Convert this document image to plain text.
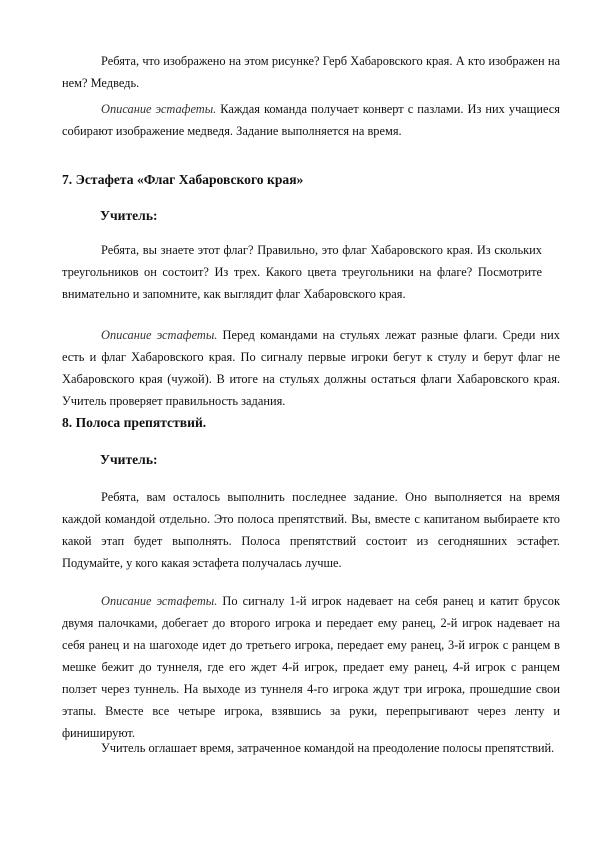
Ребята, что изображено на этом рисунке? Герб Хабаровского края. А кто изображен на нем? Медведь.

Описание эстафеты. Каждая команда получает конверт с пазлами. Из них учащиеся собирают изображение медведя. Задание выполняется на время.

7. Эстафета «Флаг Хабаровского края»

Учитель:

Ребята, вы знаете этот флаг? Правильно, это флаг Хабаровского края. Из скольких треугольников он состоит? Из трех. Какого цвета треугольники на флаге? Посмотрите внимательно и запомните, как выглядит флаг Хабаровского края.

Описание эстафеты. Перед командами на стульях лежат разные флаги. Среди них есть и флаг Хабаровского края. По сигналу первые игроки бегут к стулу и берут флаг не Хабаровского края (чужой). В итоге на стульях должны остаться флаги Хабаровского края. Учитель проверяет правильность задания.

8. Полоса препятствий.

Учитель:

Ребята, вам осталось выполнить последнее задание. Оно выполняется на время каждой командой отдельно. Это полоса препятствий. Вы, вместе с капитаном выбираете кто какой этап будет выполнять. Полоса препятствий состоит из сегодняшних эстафет. Подумайте, у кого какая эстафета получалась лучше.

Описание эстафеты. По сигналу 1-й игрок надевает на себя ранец и катит брусок двумя палочками, добегает до второго игрока и передает ему ранец, 2-й игрок надевает на себя ранец и на шагоходе идет до третьего игрока, передает ему ранец, 3-й игрок с ранцем в мешке бежит до туннеля, где его ждет 4-й игрок, предает ему ранец, 4-й игрок с ранцем ползет через туннель. На выходе из туннеля 4-го игрока ждут три игрока, прошедшие свои этапы. Вместе все четыре игрока, взявшись за руки, перепрыгивают через ленту и финишируют.

Учитель оглашает время, затраченное командой на преодоление полосы препятствий.
